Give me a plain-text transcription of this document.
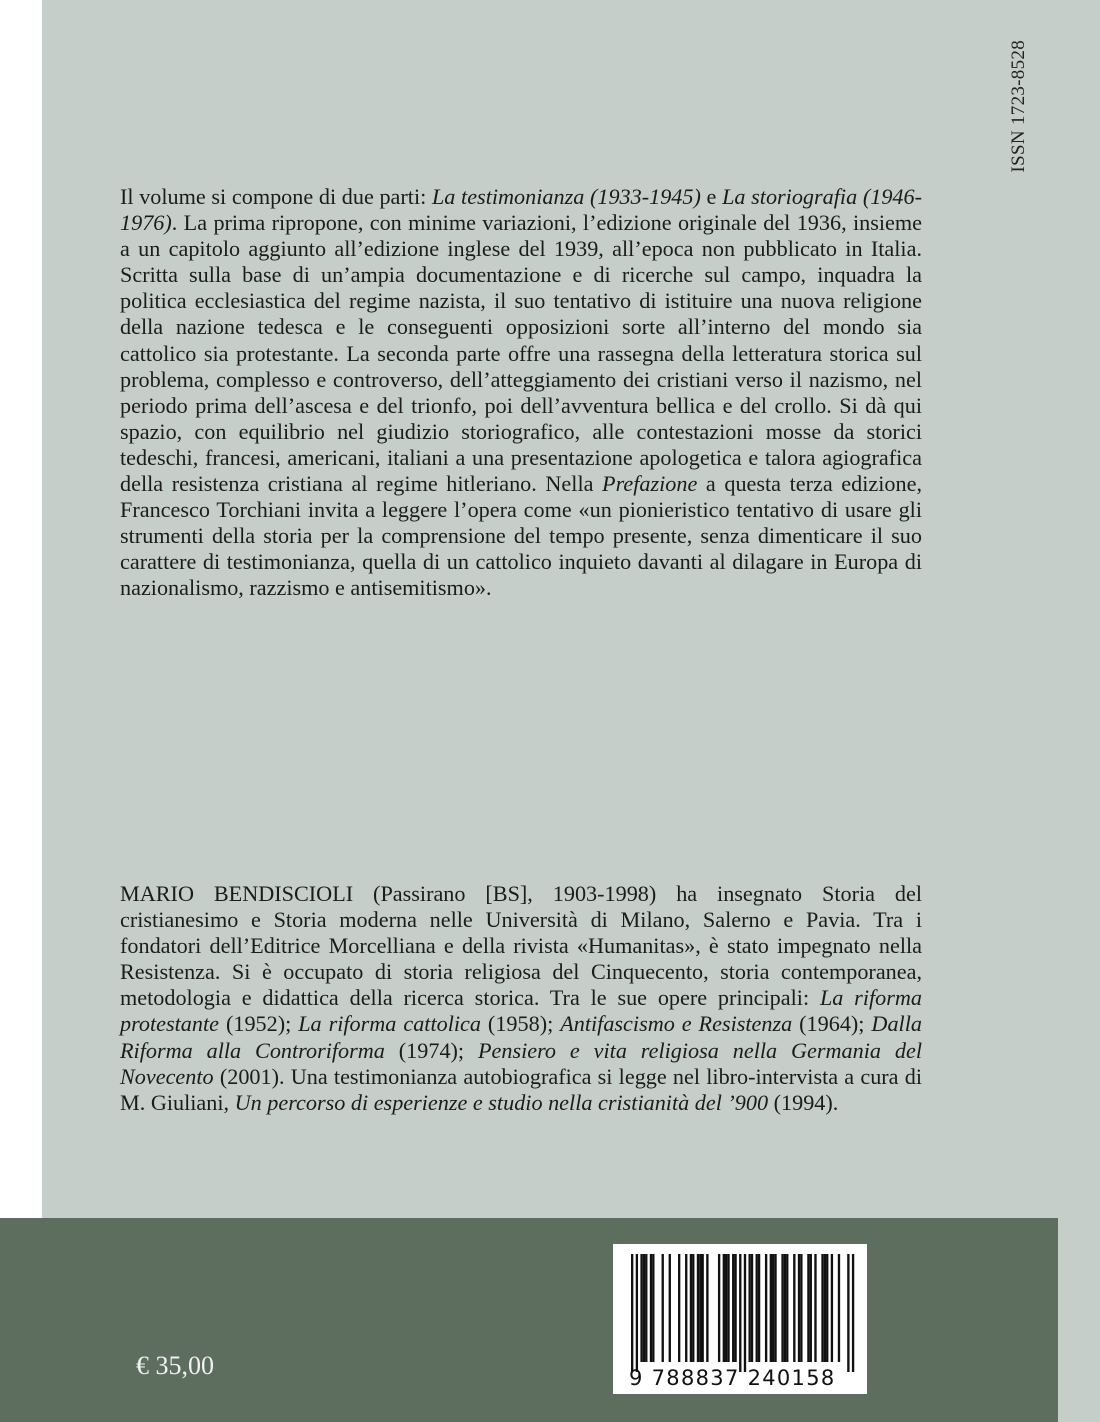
ISSN 1723-8528

Il volume si compone di due parti: La testimonianza (1933-1945) e La storiografia (1946-1976). La prima ripropone, con minime variazioni, l’edizione originale del 1936, insieme a un capitolo aggiunto all’edizione inglese del 1939, all’epoca non pubblicato in Italia. Scritta sulla base di un’ampia documentazione e di ricerche sul campo, inquadra la politica ecclesiastica del regime nazista, il suo tentativo di istituire una nuova religione della nazione tedesca e le conseguenti opposizioni sorte all’interno del mondo sia cattolico sia protestante. La seconda parte offre una rassegna della letteratura storica sul problema, complesso e controverso, dell’atteggiamento dei cristiani verso il nazismo, nel periodo prima dell’ascesa e del trionfo, poi dell’avventura bellica e del crollo. Si dà qui spazio, con equilibrio nel giudizio storiografico, alle contestazioni mosse da storici tedeschi, francesi, americani, italiani a una presentazione apologetica e talora agiografica della resistenza cristiana al regime hitleriano. Nella Prefazione a questa terza edizione, Francesco Torchiani invita a leggere l’opera come «un pionieristico tentativo di usare gli strumenti della storia per la comprensione del tempo presente, senza dimenticare il suo carattere di testimonianza, quella di un cattolico inquieto davanti al dilagare in Europa di nazionalismo, razzismo e antisemitismo».

MARIO BENDISCIOLI (Passirano [BS], 1903-1998) ha insegnato Storia del cristianesimo e Storia moderna nelle Università di Milano, Salerno e Pavia. Tra i fondatori dell’Editrice Morcelliana e della rivista «Humanitas», è stato impegnato nella Resistenza. Si è occupato di storia religiosa del Cinquecento, storia contemporanea, metodologia e didattica della ricerca storica. Tra le sue opere principali: La riforma protestante (1952); La riforma cattolica (1958); Antifascismo e Resistenza (1964); Dalla Riforma alla Controriforma (1974); Pensiero e vita religiosa nella Germania del Novecento (2001). Una testimonianza autobiografica si legge nel libro-intervista a cura di M. Giuliani, Un percorso di esperienze e studio nella cristianità del ’900 (1994).

€ 35,00	9 788837 240158
